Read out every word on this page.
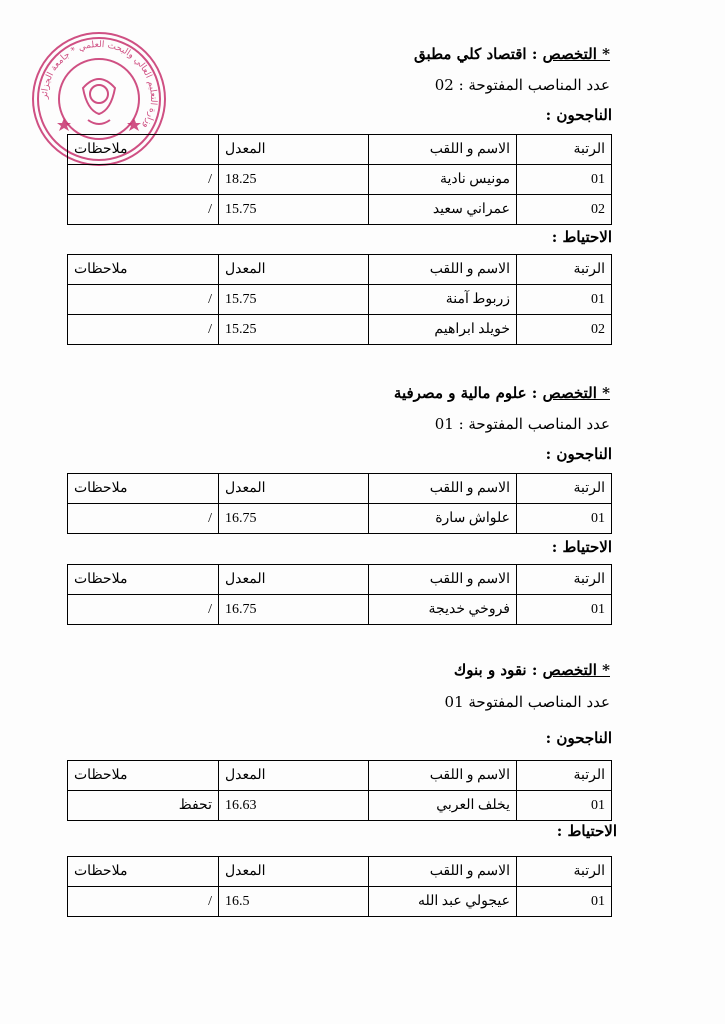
وزارة التعليم العالي والبحث العلمي * جامعة الجزائر
* التخصص : اقتصاد كلي مطبق
عدد المناصب المفتوحة : 02
الناجحون :
الرتبة	الاسم و اللقب	المعدل	ملاحظات
01	مونيس نادية	18.25	/
02	عمراني سعيد	15.75	/
الاحتياط :
الرتبة	الاسم و اللقب	المعدل	ملاحظات
01	زربوط آمنة	15.75	/
02	خويلد ابراهيم	15.25	/
* التخصص : علوم مالية و مصرفية
عدد المناصب المفتوحة : 01
الناجحون :
الرتبة	الاسم و اللقب	المعدل	ملاحظات
01	علواش سارة	16.75	/
الاحتياط :
الرتبة	الاسم و اللقب	المعدل	ملاحظات
01	فروخي خديجة	16.75	/
* التخصص : نقود و بنوك
عدد المناصب المفتوحة 01
الناجحون :
الرتبة	الاسم و اللقب	المعدل	ملاحظات
01	يخلف العربي	16.63	تحفظ
الاحتياط :
الرتبة	الاسم و اللقب	المعدل	ملاحظات
01	عيجولي عبد الله	16.5	/
